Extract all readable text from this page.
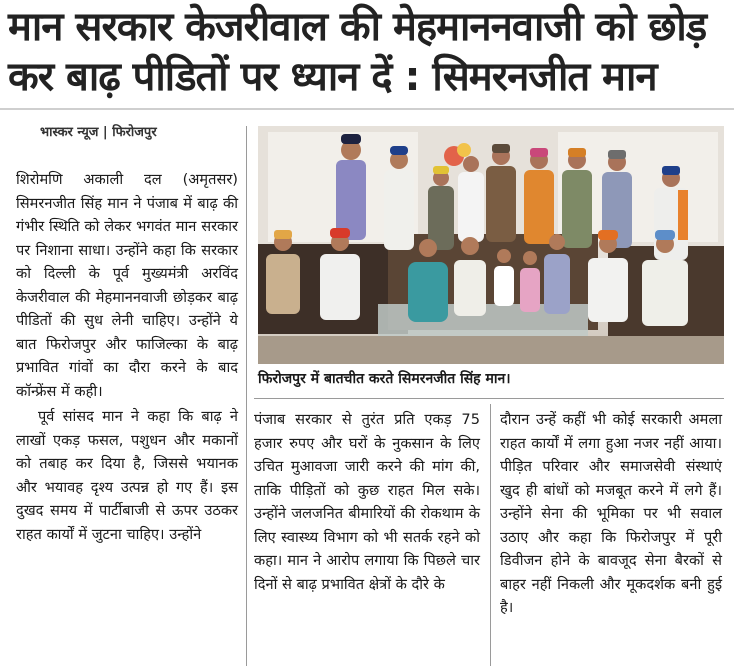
मान सरकार केजरीवाल की मेहमाननवाजी को छोड़
कर बाढ़ पीडितों पर ध्यान दें : सिमरनजीत मान
भास्कर न्यूज | फिरोजपुर

शिरोमणि अकाली दल (अमृतसर) सिमरनजीत सिंह मान ने पंजाब में बाढ़ की गंभीर स्थिति को लेकर भगवंत मान सरकार पर निशाना साधा। उन्होंने कहा कि सरकार को दिल्ली के पूर्व मुख्यमंत्री अरविंद केजरीवाल की मेहमाननवाजी छोड़कर बाढ़ पीडितों की सुध लेनी चाहिए। उन्होंने ये बात फिरोजपुर और फाजिल्का के बाढ़ प्रभावित गांवों का दौरा करने के बाद कॉन्फ्रेंस में कही।

पूर्व सांसद मान ने कहा कि बाढ़ ने लाखों एकड़ फसल, पशुधन और मकानों को तबाह कर दिया है, जिससे भयानक और भयावह दृश्य उत्पन्न हो गए हैं। इस दुखद समय में पार्टीबाजी से ऊपर उठकर राहत कार्यों में जुटना चाहिए। उन्होंने

फिरोजपुर में बातचीत करते सिमरनजीत सिंह मान।

पंजाब सरकार से तुरंत प्रति एकड़ 75 हजार रुपए और घरों के नुकसान के लिए उचित मुआवजा जारी करने की मांग की, ताकि पीड़ितों को कुछ राहत मिल सके। उन्होंने जलजनित बीमारियों की रोकथाम के लिए स्वास्थ्य विभाग को भी सतर्क रहने को कहा। मान ने आरोप लगाया कि पिछले चार दिनों से बाढ़ प्रभावित क्षेत्रों के दौरे के

दौरान उन्हें कहीं भी कोई सरकारी अमला राहत कार्यों में लगा हुआ नजर नहीं आया। पीड़ित परिवार और समाजसेवी संस्थाएं खुद ही बांधों को मजबूत करने में लगे हैं। उन्होंने सेना की भूमिका पर भी सवाल उठाए और कहा कि फिरोजपुर में पूरी डिवीजन होने के बावजूद सेना बैरकों से बाहर नहीं निकली और मूकदर्शक बनी हुई है।
